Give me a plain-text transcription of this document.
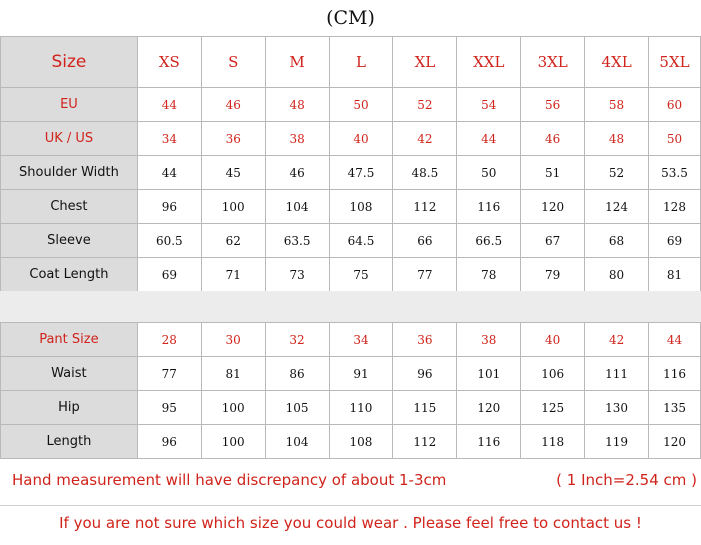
(CM)
Size	XS	S	M	L	XL	XXL	3XL	4XL	5XL
EU	44	46	48	50	52	54	56	58	60
UK / US	34	36	38	40	42	44	46	48	50
Shoulder Width	44	45	46	47.5	48.5	50	51	52	53.5
Chest	96	100	104	108	112	116	120	124	128
Sleeve	60.5	62	63.5	64.5	66	66.5	67	68	69
Coat Length	69	71	73	75	77	78	79	80	81
Pant Size	28	30	32	34	36	38	40	42	44
Waist	77	81	86	91	96	101	106	111	116
Hip	95	100	105	110	115	120	125	130	135
Length	96	100	104	108	112	116	118	119	120
Hand measurement will have discrepancy of about 1-3cm	( 1 Inch=2.54 cm )
If you are not sure which size you could wear . Please feel free to contact us !
